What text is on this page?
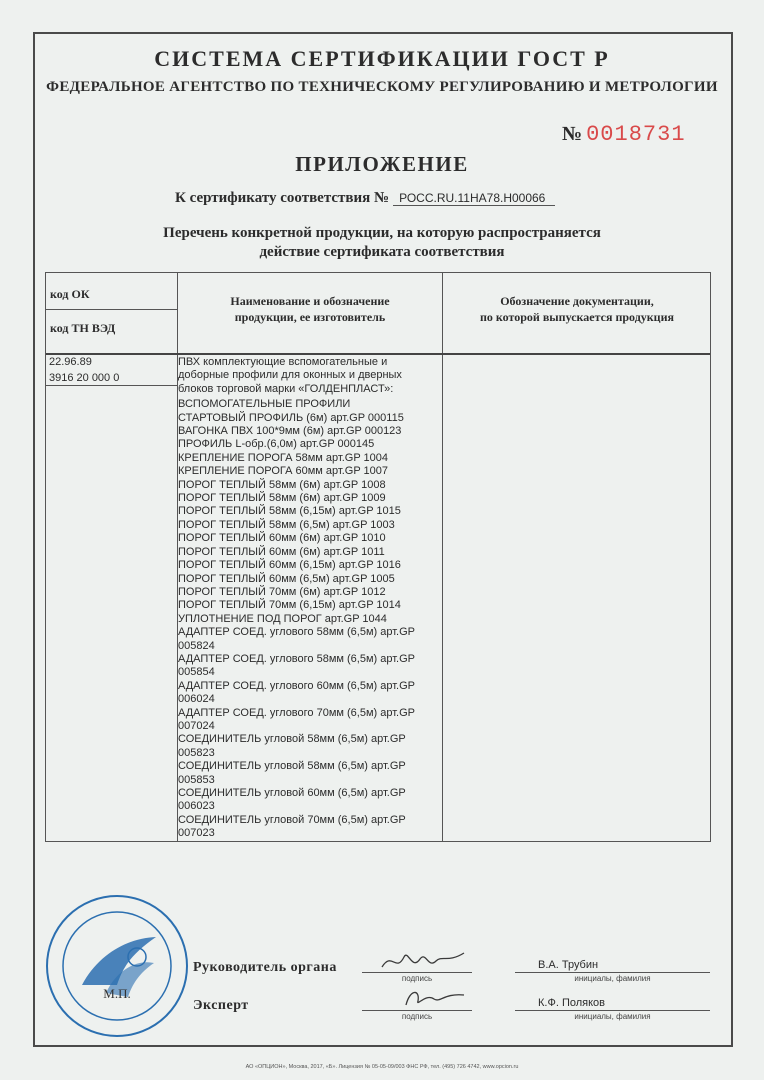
СИСТЕМА СЕРТИФИКАЦИИ ГОСТ Р
ФЕДЕРАЛЬНОЕ АГЕНТСТВО ПО ТЕХНИЧЕСКОМУ РЕГУЛИРОВАНИЮ И МЕТРОЛОГИИ
№ 0018731
ПРИЛОЖЕНИЕ
К сертификату соответствия № РОСС.RU.11НА78.Н00066
Перечень конкретной продукции, на которую распространяется
действие сертификата соответствия
код ОК
код ТН ВЭД
Наименование и обозначение
продукции, ее изготовитель
Обозначение документации,
по которой выпускается продукция
22.96.89
3916 20 000 0
ПВХ комплектующие вспомогательные и
доборные профили для оконных и дверных
блоков торговой марки «ГОЛДЕНПЛАСТ»:
ВСПОМОГАТЕЛЬНЫЕ ПРОФИЛИ
СТАРТОВЫЙ ПРОФИЛЬ (6м) арт.GP 000115
ВАГОНКА ПВХ 100*9мм (6м) арт.GP 000123
ПРОФИЛЬ L-обр.(6,0м) арт.GP 000145
КРЕПЛЕНИЕ ПОРОГА 58мм арт.GP 1004
КРЕПЛЕНИЕ ПОРОГА 60мм арт.GP 1007
ПОРОГ ТЕПЛЫЙ 58мм (6м) арт.GP 1008
ПОРОГ ТЕПЛЫЙ 58мм (6м) арт.GP 1009
ПОРОГ ТЕПЛЫЙ 58мм (6,15м) арт.GP 1015
ПОРОГ ТЕПЛЫЙ 58мм (6,5м) арт.GP 1003
ПОРОГ ТЕПЛЫЙ 60мм (6м) арт.GP 1010
ПОРОГ ТЕПЛЫЙ 60мм (6м) арт.GP 1011
ПОРОГ ТЕПЛЫЙ 60мм (6,15м) арт.GP 1016
ПОРОГ ТЕПЛЫЙ 60мм (6,5м) арт.GP 1005
ПОРОГ ТЕПЛЫЙ 70мм (6м) арт.GP 1012
ПОРОГ ТЕПЛЫЙ 70мм (6,15м) арт.GP 1014
УПЛОТНЕНИЕ ПОД ПОРОГ арт.GP 1044
АДАПТЕР СОЕД. углового 58мм (6,5м) арт.GP
005824
АДАПТЕР СОЕД. углового 58мм (6,5м) арт.GP
005854
АДАПТЕР СОЕД. углового 60мм (6,5м) арт.GP
006024
АДАПТЕР СОЕД. углового 70мм (6,5м) арт.GP
007024
СОЕДИНИТЕЛЬ угловой 58мм (6,5м) арт.GP
005823
СОЕДИНИТЕЛЬ угловой 58мм (6,5м) арт.GP
005853
СОЕДИНИТЕЛЬ угловой 60мм (6,5м) арт.GP
006023
СОЕДИНИТЕЛЬ угловой 70мм (6,5м) арт.GP
007023
М.П.
Руководитель органа
подпись
В.А. Трубин
инициалы, фамилия
Эксперт
подпись
К.Ф. Поляков
инициалы, фамилия
АО «ОПЦИОН», Москва, 2017, «Б». Лицензия № 05-05-09/003 ФНС РФ, тел. (495) 726 4742, www.opcion.ru
